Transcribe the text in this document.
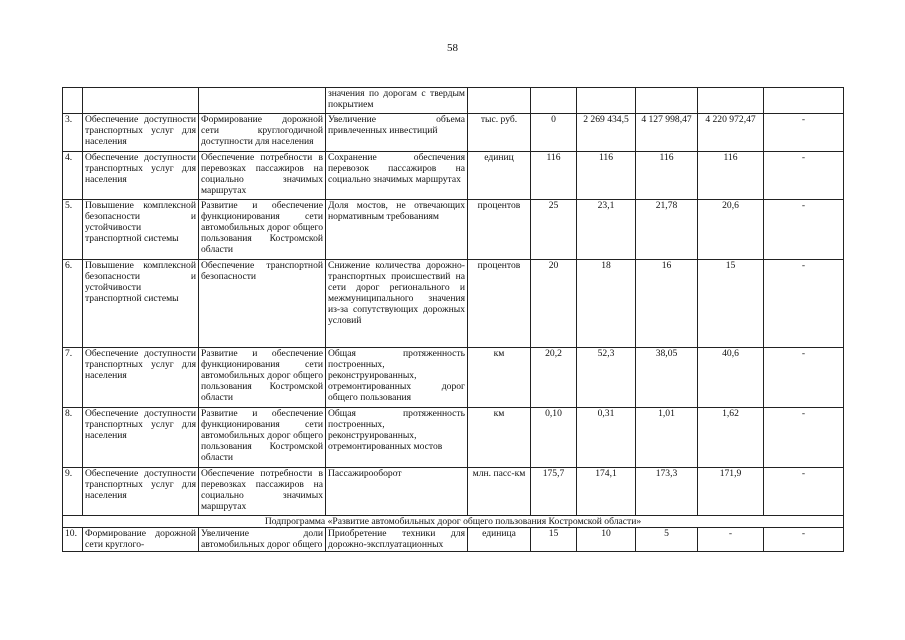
58
			значения по дорогам с твердым покрытием						
3.	Обеспечение доступности транспортных услуг для населения	Формирование дорожной сети круглогодичной доступности для населения	Увеличение объема привлеченных инвестиций	тыс. руб.	0	2 269 434,5	4 127 998,47	4 220 972,47	-
4.	Обеспечение доступности транспортных услуг для населения	Обеспечение потребности в перевозках пассажиров на социально значимых маршрутах	Сохранение обеспечения перевозок пассажиров на социально значимых маршрутах	единиц	116	116	116	116	-
5.	Повышение комплексной безопасности и устойчивости транспортной системы	Развитие и обеспечение функционирования сети автомобильных дорог общего пользования Костромской области	Доля мостов, не отвечающих нормативным требованиям	процентов	25	23,1	21,78	20,6	-
6.	Повышение комплексной безопасности и устойчивости транспортной системы	Обеспечение транспортной безопасности	Снижение количества дорожно-транспортных происшествий на сети дорог регионального и межмуниципального значения из-за сопутствующих дорожных условий	процентов	20	18	16	15	-
7.	Обеспечение доступности транспортных услуг для населения	Развитие и обеспечение функционирования сети автомобильных дорог общего пользования Костромской области	Общая протяженность построенных, реконструированных, отремонтированных дорог общего пользования	км	20,2	52,3	38,05	40,6	-
8.	Обеспечение доступности транспортных услуг для населения	Развитие и обеспечение функционирования сети автомобильных дорог общего пользования Костромской области	Общая протяженность построенных, реконструированных, отремонтированных мостов	км	0,10	0,31	1,01	1,62	-
9.	Обеспечение доступности транспортных услуг для населения	Обеспечение потребности в перевозках пассажиров на социально значимых маршрутах	Пассажирооборот	млн. пасс-км	175,7	174,1	173,3	171,9	-
Подпрограмма «Развитие автомобильных дорог общего пользования Костромской области»									
10.	Формирование дорожной сети круглого-	Увеличение доли автомобильных дорог общего	Приобретение техники для дорожно-эксплуатационных	единица	15	10	5	-	-
